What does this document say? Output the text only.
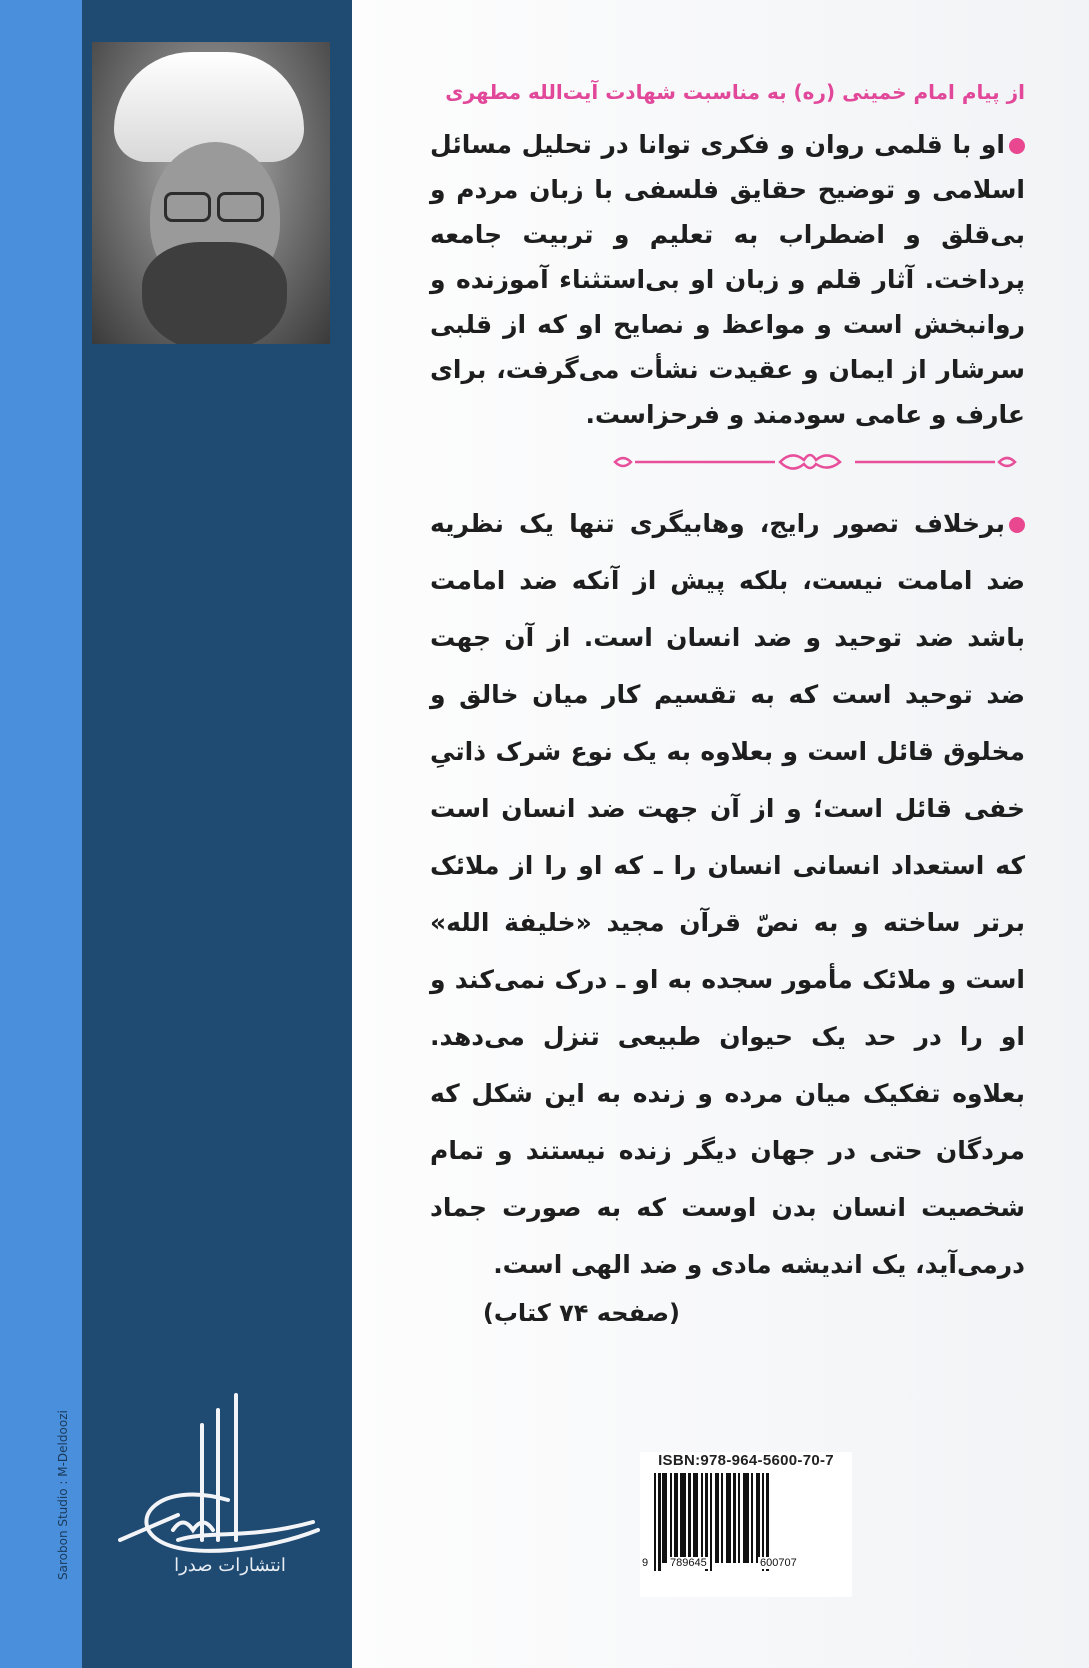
Sarobon Studio : M-Deldoozi	انتشارات صدرا

از پیام امام خمینی (ره) به مناسبت شهادت آیت‌الله مطهری

او با قلمی روان و فکری توانا در تحلیل مسائل اسلامی و توضیح حقایق فلسفی با زبان مردم و بی‌قلق و اضطراب به تعلیم و تربیت جامعه پرداخت. آثار قلم و زبان او بی‌استثناء آموزنده و روانبخش است و مواعظ و نصایح او که از قلبی سرشار از ایمان و عقیدت نشأت می‌گرفت، برای عارف و عامی سودمند و فرحزاست.

برخلاف تصور رایج، وهابیگری تنها یک نظریه ضد امامت نیست، بلکه پیش از آنکه ضد امامت باشد ضد توحید و ضد انسان است. از آن جهت ضد توحید است که به تقسیم کار میان خالق و مخلوق قائل است و بعلاوه به یک نوع شرک ذاتیِ خفی قائل است؛ و از آن جهت ضد انسان است که استعداد انسانی انسان را ـ که او را از ملائک برتر ساخته و به نصّ قرآن مجید «خلیفة الله» است و ملائک مأمور سجده به او ـ درک نمی‌کند و او را در حد یک حیوان طبیعی تنزل می‌دهد. بعلاوه تفکیک میان مرده و زنده به این شکل که مردگان حتی در جهان دیگر زنده نیستند و تمام شخصیت انسان بدن اوست که به صورت جماد درمی‌آید، یک اندیشه مادی و ضد الهی است.

(صفحه ۷۴ کتاب)
ISBN:978-964-5600-70-7
9 789645	600707
